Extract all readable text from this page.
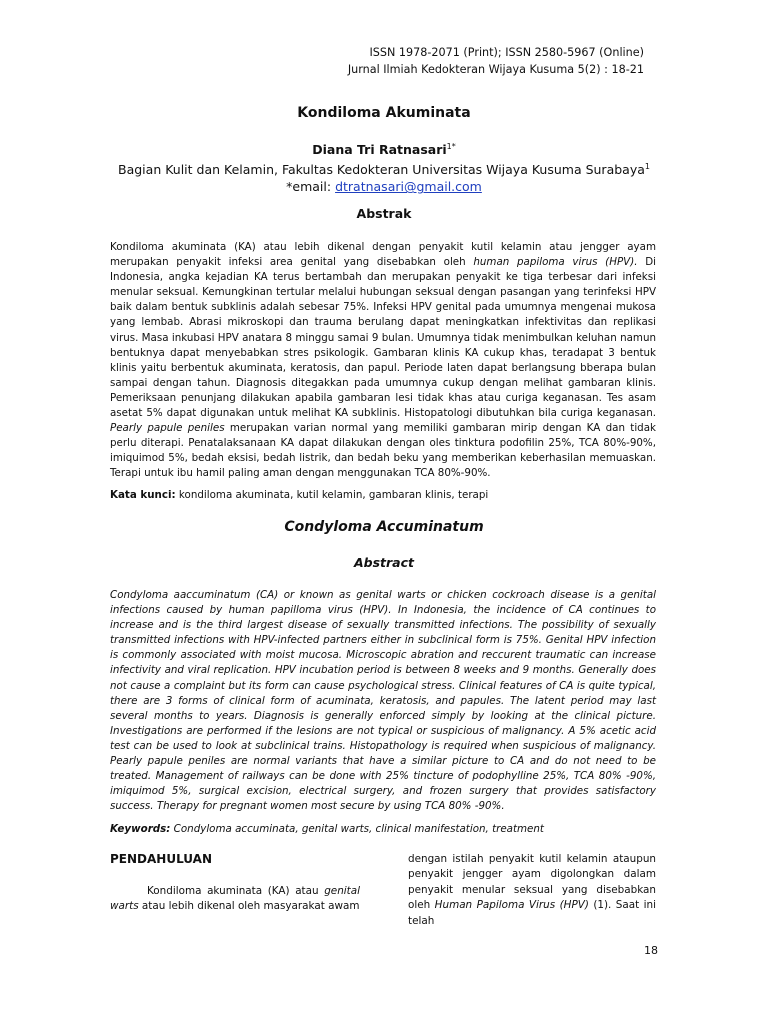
ISSN 1978-2071 (Print); ISSN 2580-5967 (Online)
Jurnal Ilmiah Kedokteran Wijaya Kusuma 5(2) : 18-21
Kondiloma Akuminata
Diana Tri Ratnasari$^{1*}$
Bagian Kulit dan Kelamin, Fakultas Kedokteran Universitas Wijaya Kusuma Surabaya$^1$
*email: dtratnasari@gmail.com
Abstrak
Kondiloma akuminata (KA) atau lebih dikenal dengan penyakit kutil kelamin atau jengger ayam merupakan penyakit infeksi area genital yang disebabkan oleh human papiloma virus (HPV). Di Indonesia, angka kejadian KA terus bertambah dan merupakan penyakit ke tiga terbesar dari infeksi menular seksual. Kemungkinan tertular melalui hubungan seksual dengan pasangan yang terinfeksi HPV baik dalam bentuk subklinis adalah sebesar 75%. Infeksi HPV genital pada umumnya mengenai mukosa yang lembab. Abrasi mikroskopi dan trauma berulang dapat meningkatkan infektivitas dan replikasi virus. Masa inkubasi HPV anatara 8 minggu samai 9 bulan. Umumnya tidak menimbulkan keluhan namun bentuknya dapat menyebabkan stres psikologik. Gambaran klinis KA cukup khas, teradapat 3 bentuk klinis yaitu berbentuk akuminata, keratosis, dan papul. Periode laten dapat berlangsung bberapa bulan sampai dengan tahun. Diagnosis ditegakkan pada umumnya cukup dengan melihat gambaran klinis. Pemeriksaan penunjang dilakukan apabila gambaran lesi tidak khas atau curiga keganasan. Tes asam asetat 5% dapat digunakan untuk melihat KA subklinis. Histopatologi dibutuhkan bila curiga keganasan. Pearly papule peniles merupakan varian normal yang memiliki gambaran mirip dengan KA dan tidak perlu diterapi. Penatalaksanaan KA dapat dilakukan dengan oles tinktura podofilin 25%, TCA 80%-90%, imiquimod 5%, bedah eksisi, bedah listrik, dan bedah beku yang memberikan keberhasilan memuaskan. Terapi untuk ibu hamil paling aman dengan menggunakan TCA 80%-90%.
Kata kunci: kondiloma akuminata, kutil kelamin, gambaran klinis, terapi
Condyloma Accuminatum
Abstract
Condyloma aaccuminatum (CA) or known as genital warts or chicken cockroach disease is a genital infections caused by human papilloma virus (HPV). In Indonesia, the incidence of CA continues to increase and is the third largest disease of sexually transmitted infections. The possibility of sexually transmitted infections with HPV-infected partners either in subclinical form is 75%. Genital HPV infection is commonly associated with moist mucosa. Microscopic abration and reccurent traumatic can increase infectivity and viral replication. HPV incubation period is between 8 weeks and 9 months. Generally does not cause a complaint but its form can cause psychological stress. Clinical features of CA is quite typical, there are 3 forms of clinical form of acuminata, keratosis, and papules. The latent period may last several months to years. Diagnosis is generally enforced simply by looking at the clinical picture. Investigations are performed if the lesions are not typical or suspicious of malignancy. A 5% acetic acid test can be used to look at subclinical trains. Histopathology is required when suspicious of malignancy. Pearly papule peniles are normal variants that have a similar picture to CA and do not need to be treated. Management of railways can be done with 25% tincture of podophylline 25%, TCA 80% -90%, imiquimod 5%, surgical excision, electrical surgery, and frozen surgery that provides satisfactory success. Therapy for pregnant women most secure by using TCA 80% -90%.
Keywords: Condyloma accuminata, genital warts, clinical manifestation, treatment
PENDAHULUAN
Kondiloma akuminata (KA) atau genital warts atau lebih dikenal oleh masyarakat awam
dengan istilah penyakit kutil kelamin ataupun penyakit jengger ayam digolongkan dalam penyakit menular seksual yang disebabkan oleh Human Papiloma Virus (HPV) (1). Saat ini telah
18
